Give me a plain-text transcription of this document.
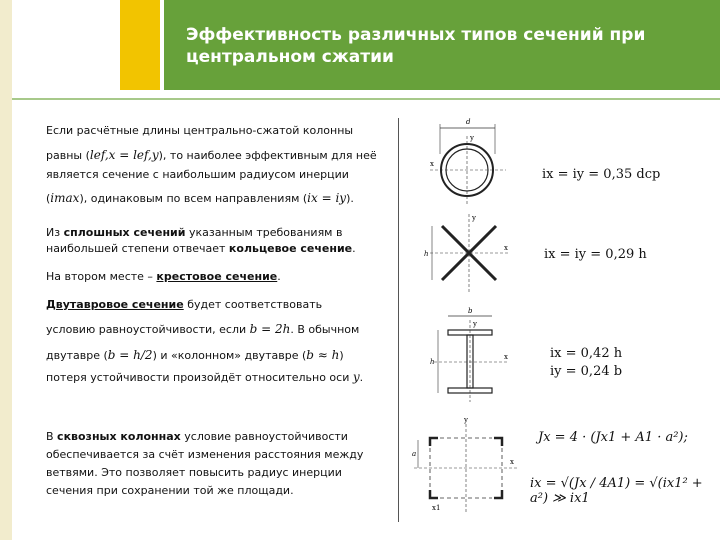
Эффективность различных типов сечений при центральном сжатии
Если расчётные длины центрально-сжатой колонны
равны (lef,x = lef,y), то наиболее эффективным для неё
является сечение с наибольшим радиусом инерции
(imax), одинаковым по всем направлениям (ix = iy).
Из сплошных сечений указанным требованиям в
наибольшей степени отвечает кольцевое сечение.
На втором месте – крестовое сечение.
Двутавровое сечение будет соответствовать
условию равноустойчивости, если b = 2h. В обычном
двутавре (b = h/2) и «колонном» двутавре (b ≈ h)
потеря устойчивости произойдёт относительно оси y.
В сквозных колоннах условие равноустойчивости
обеспечивается за счёт изменения расстояния между
ветвями. Это позволяет повысить радиус инерции
сечения при сохранении той же площади.
d
x
y
ix = iy = 0,35 dср
h
y
x	ix = iy = 0,29 h
b
h
x
y
ix = 0,42 h
iy = 0,24 b
y
x
a
x1
Jx = 4 · (Jx1 + A1 · a²);
ix = √(Jx / 4A1) = √(ix1² + a²) ≫ ix1
